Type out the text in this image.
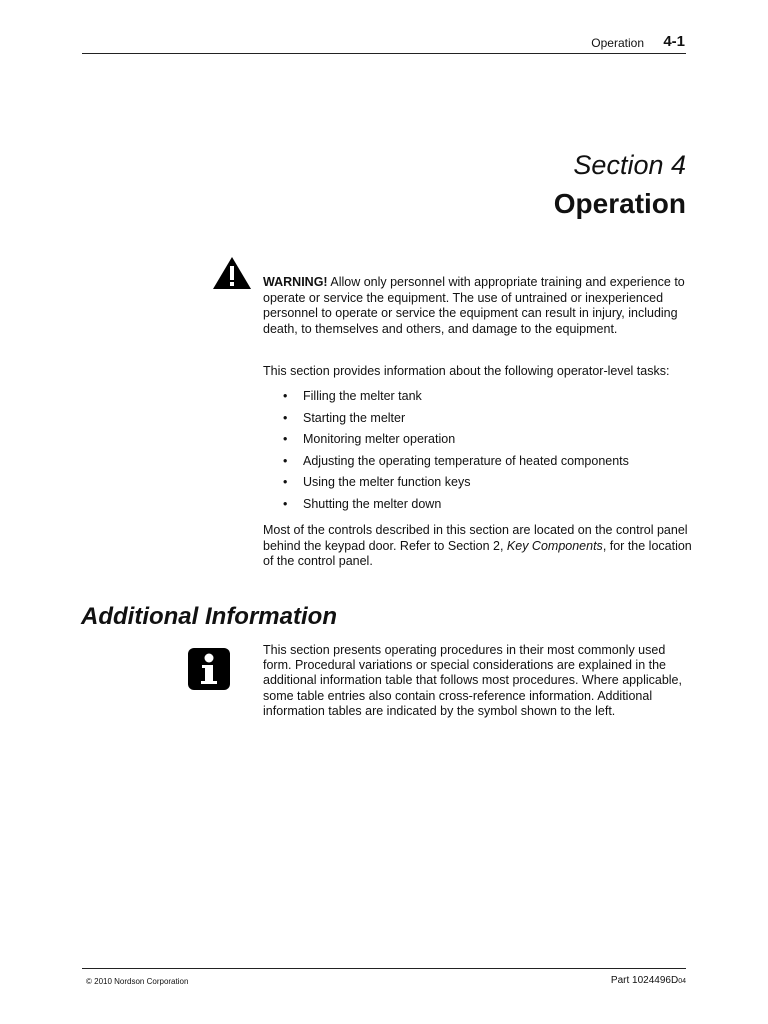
Operation 4-1
Section 4
Operation
WARNING! Allow only personnel with appropriate training and experience to operate or service the equipment. The use of untrained or inexperienced personnel to operate or service the equipment can result in injury, including death, to themselves and others, and damage to the equipment.
This section provides information about the following operator-level tasks:
• Filling the melter tank
• Starting the melter
• Monitoring melter operation
• Adjusting the operating temperature of heated components
• Using the melter function keys
• Shutting the melter down
Most of the controls described in this section are located on the control panel behind the keypad door. Refer to Section 2, Key Components, for the location of the control panel.
Additional Information
This section presents operating procedures in their most commonly used form. Procedural variations or special considerations are explained in the additional information table that follows most procedures. Where applicable, some table entries also contain cross-reference information. Additional information tables are indicated by the symbol shown to the left.
© 2010 Nordson Corporation	Part 1024496D04
